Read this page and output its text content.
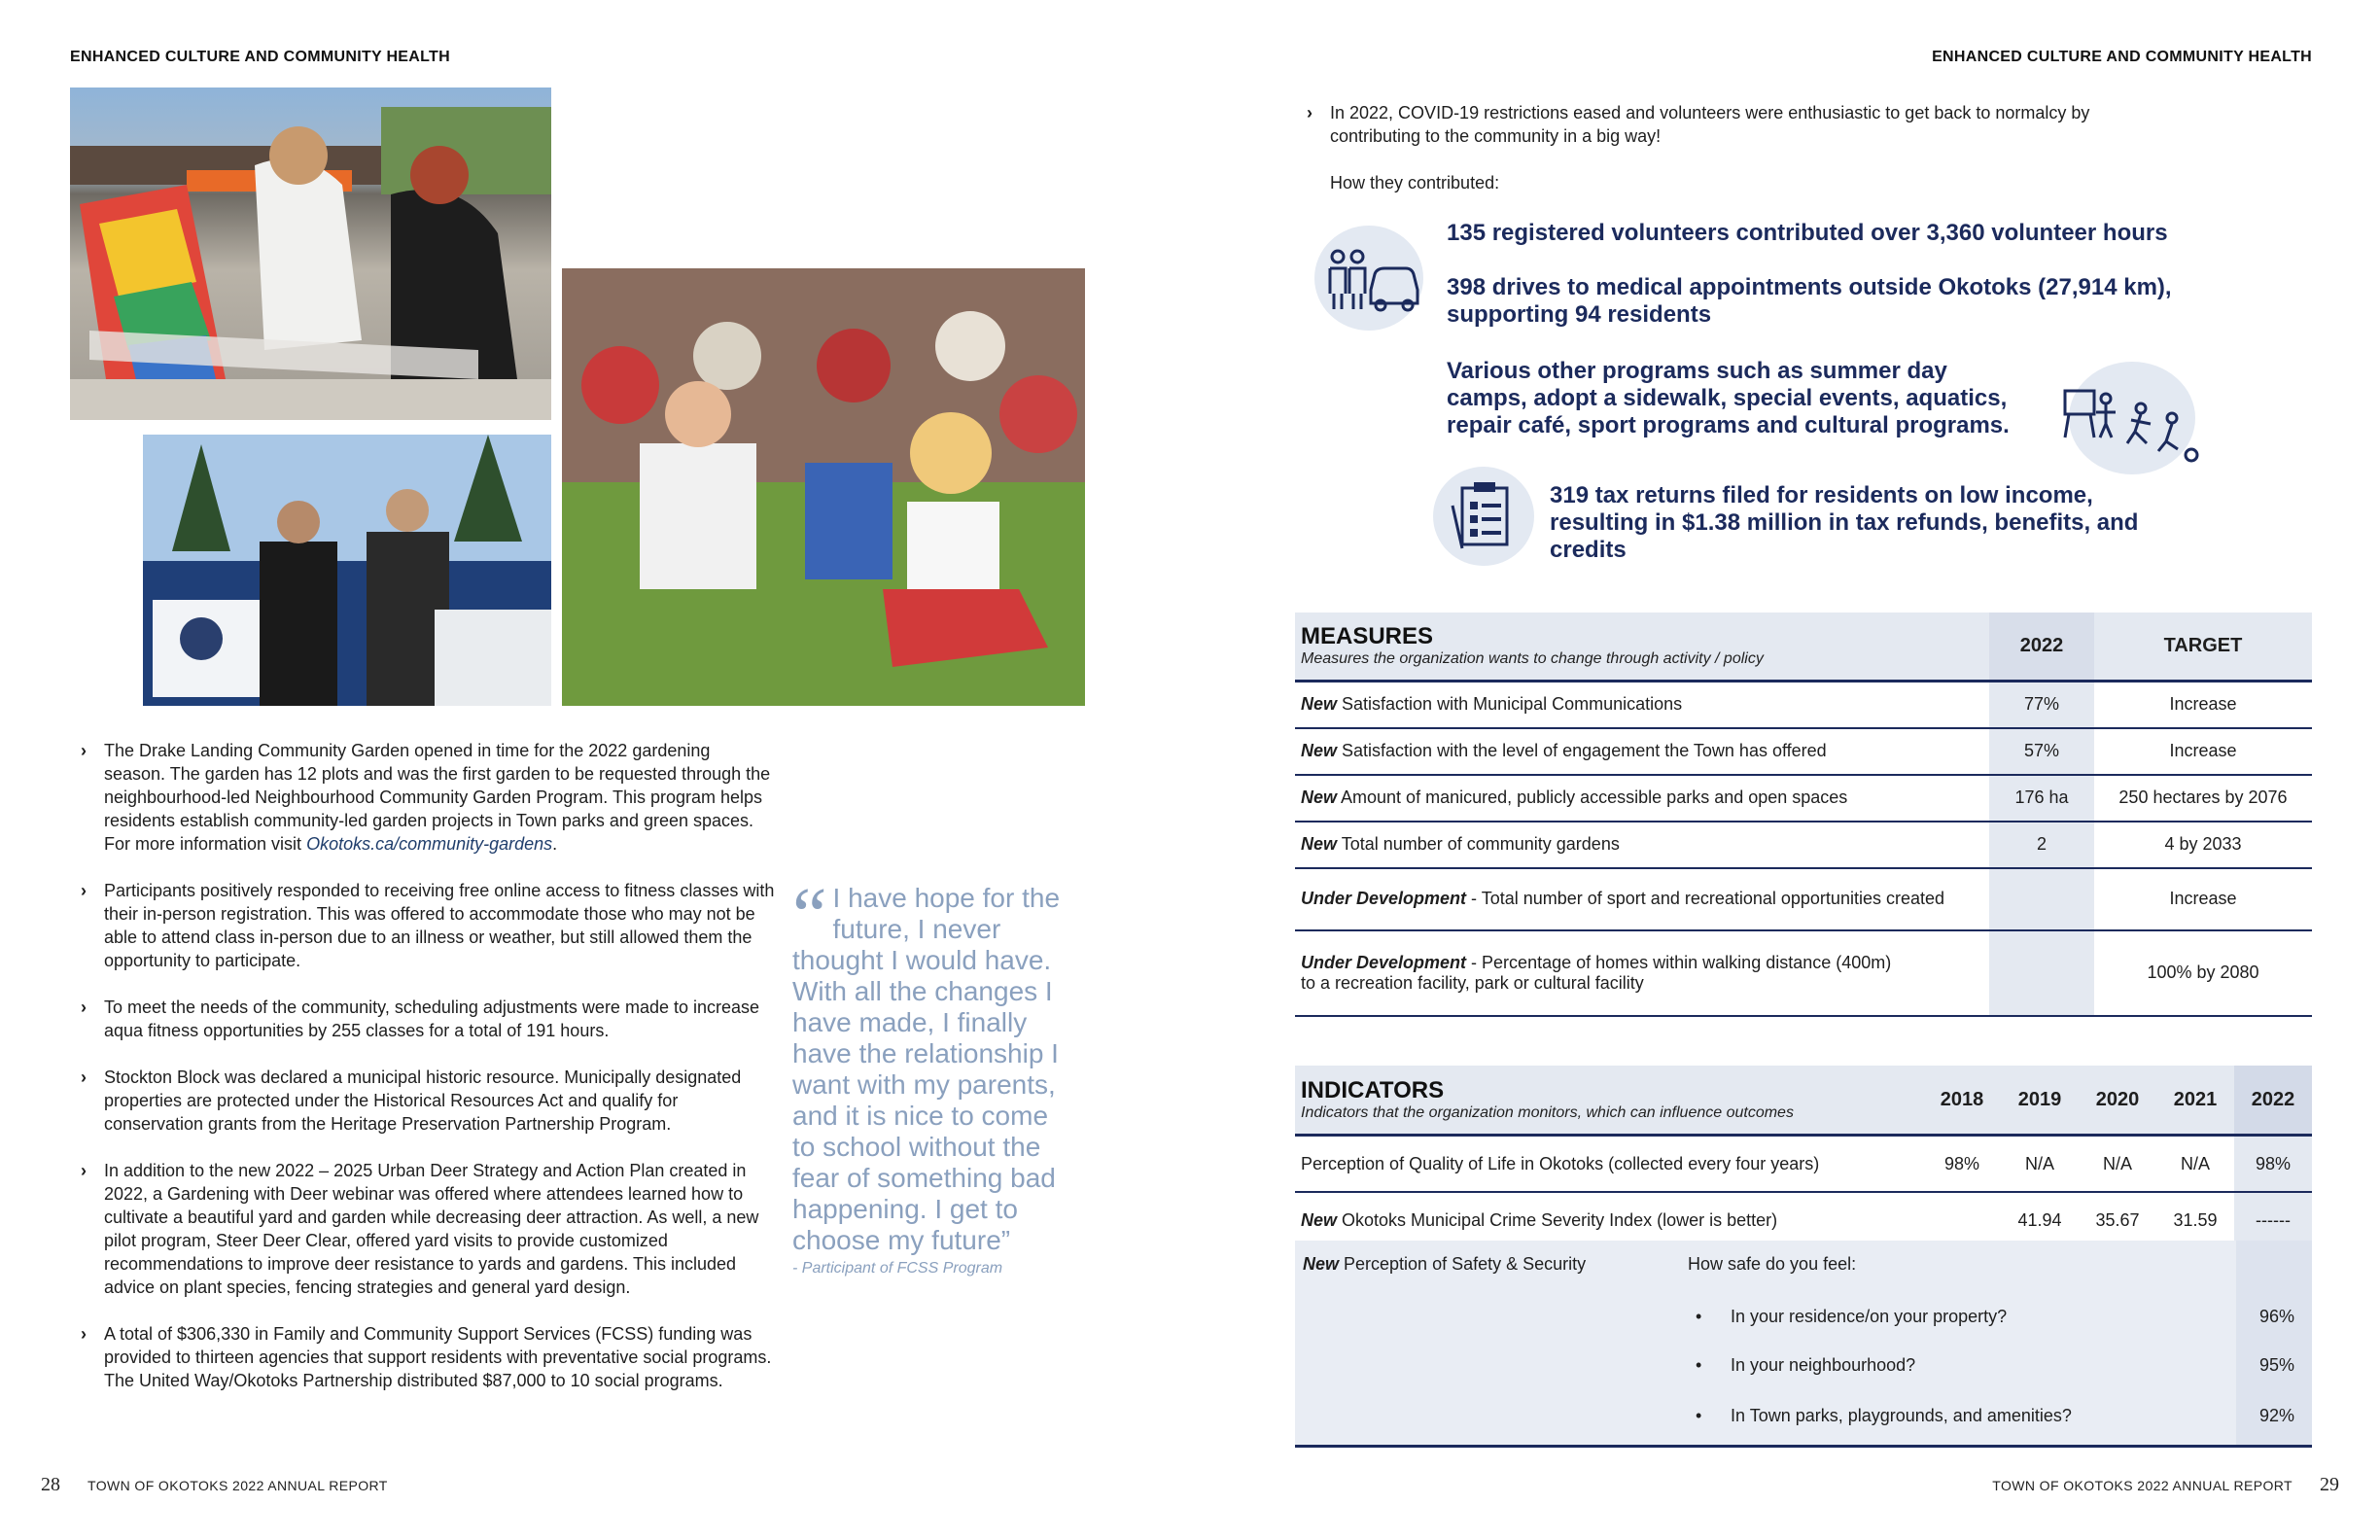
ENHANCED CULTURE AND COMMUNITY HEALTH
› The Drake Landing Community Garden opened in time for the 2022 gardening season. The garden has 12 plots and was the first garden to be requested through the neighbourhood-led Neighbourhood Community Garden Program. This program helps residents establish community-led garden projects in Town parks and green spaces. For more information visit Okotoks.ca/community-gardens.
› Participants positively responded to receiving free online access to fitness classes with their in-person registration. This was offered to accommodate those who may not be able to attend class in-person due to an illness or weather, but still allowed them the opportunity to participate.
› To meet the needs of the community, scheduling adjustments were made to increase aqua fitness opportunities by 255 classes for a total of 191 hours.
› Stockton Block was declared a municipal historic resource. Municipally designated properties are protected under the Historical Resources Act and qualify for conservation grants from the Heritage Preservation Partnership Program.
› In addition to the new 2022 – 2025 Urban Deer Strategy and Action Plan created in 2022, a Gardening with Deer webinar was offered where attendees learned how to cultivate a beautiful yard and garden while decreasing deer attraction. As well, a new pilot program, Steer Deer Clear, offered yard visits to provide customized recommendations to improve deer resistance to yards and gardens. This included advice on plant species, fencing strategies and general yard design.
› A total of $306,330 in Family and Community Support Services (FCSS) funding was provided to thirteen agencies that support residents with preventative social programs. The United Way/Okotoks Partnership distributed $87,000 to 10 social programs.
“ I have hope for the future, I never thought I would have. With all the changes I have made, I finally have the relationship I want with my parents, and it is nice to come to school without the fear of something bad happening. I get to choose my future”
- Participant of FCSS Program
28 TOWN OF OKOTOKS 2022 ANNUAL REPORT
ENHANCED CULTURE AND COMMUNITY HEALTH
› In 2022, COVID-19 restrictions eased and volunteers were enthusiastic to get back to normalcy by contributing to the community in a big way!
How they contributed:
135 registered volunteers contributed over 3,360 volunteer hours
398 drives to medical appointments outside Okotoks (27,914 km), supporting 94 residents
Various other programs such as summer day camps, adopt a sidewalk, special events, aquatics, repair café, sport programs and cultural programs.
319 tax returns filed for residents on low income, resulting in $1.38 million in tax refunds, benefits, and credits
MEASURES
Measures the organization wants to change through activity / policy	2022	TARGET
New Satisfaction with Municipal Communications	77%	Increase
New Satisfaction with the level of engagement the Town has offered	57%	Increase
New Amount of manicured, publicly accessible parks and open spaces	176 ha	250 hectares by 2076
New Total number of community gardens	2	4 by 2033
Under Development - Total number of sport and recreational opportunities created		Increase
Under Development - Percentage of homes within walking distance (400m)
to a recreation facility, park or cultural facility		100% by 2080
INDICATORS
Indicators that the organization monitors, which can influence outcomes	2018	2019	2020	2021	2022
Perception of Quality of Life in Okotoks (collected every four years)	98%	N/A	N/A	N/A	98%
New Okotoks Municipal Crime Severity Index (lower is better)		41.94	35.67	31.59	------
New Perception of Safety & Security	How safe do you feel:
• In your residence/on your property?	96%
• In your neighbourhood?	95%
• In Town parks, playgrounds, and amenities?	92%
TOWN OF OKOTOKS 2022 ANNUAL REPORT 29
